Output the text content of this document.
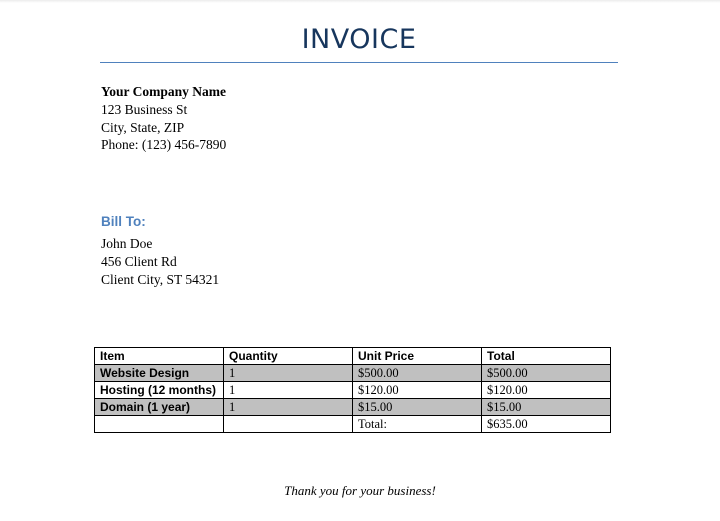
INVOICE
Your Company Name
123 Business St
City, State, ZIP
Phone: (123) 456-7890
Bill To:
John Doe
456 Client Rd
Client City, ST 54321
Item	Quantity	Unit Price	Total
Website Design	1	$500.00	$500.00
Hosting (12 months)	1	$120.00	$120.00
Domain (1 year)	1	$15.00	$15.00
		Total:	$635.00
Thank you for your business!
